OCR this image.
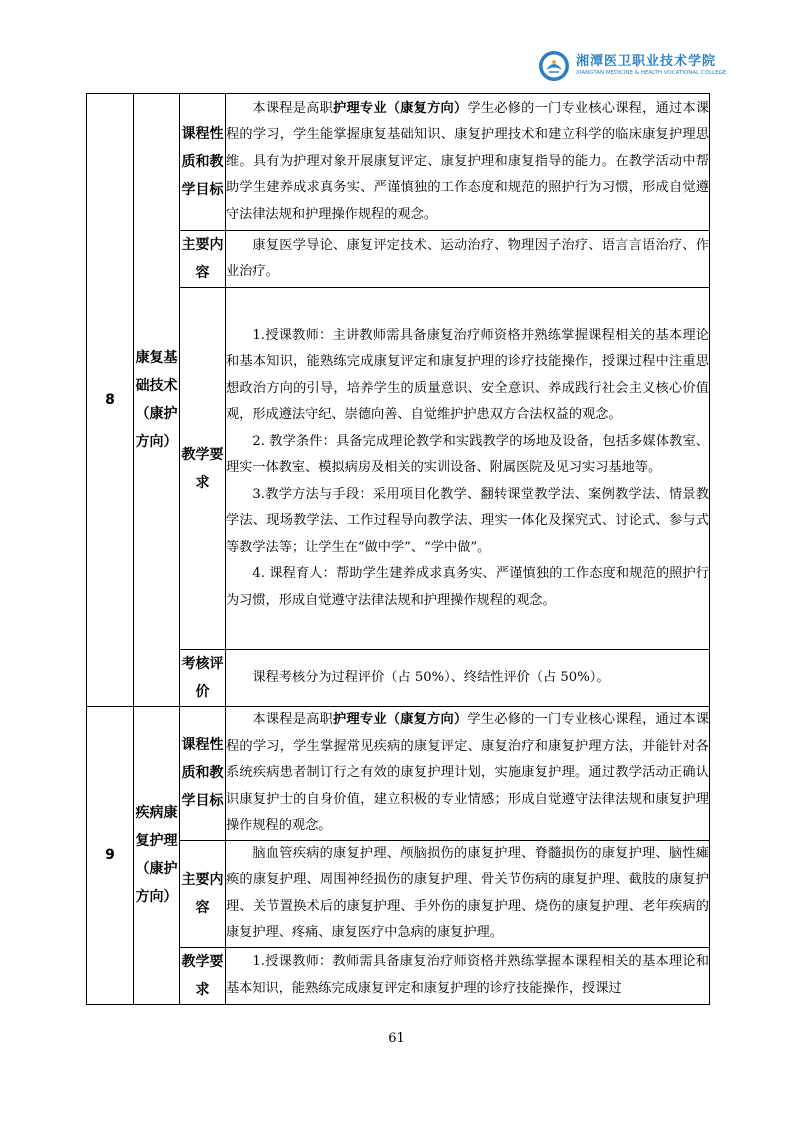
湘潭医卫职业技术学院
XIANGTAN MEDICINE & HEALTH VOCATIONAL COLLEGE
8	康复基础技术（康护方向）	课程性质和教学目标	本课程是高职护理专业（康复方向）学生必修的一门专业核心课程，通过本课程的学习，学生能掌握康复基础知识、康复护理技术和建立科学的临床康复护理思维。具有为护理对象开展康复评定、康复护理和康复指导的能力。在教学活动中帮助学生建养成求真务实、严谨慎独的工作态度和规范的照护行为习惯，形成自觉遵守法律法规和护理操作规程的观念。

		主要内容	康复医学导论、康复评定技术、运动治疗、物理因子治疗、语言言语治疗、作业治疗。

		教学要求	1.授课教师：主讲教师需具备康复治疗师资格并熟练掌握课程相关的基本理论和基本知识，能熟练完成康复评定和康复护理的诊疗技能操作，授课过程中注重思想政治方向的引导，培养学生的质量意识、安全意识、养成践行社会主义核心价值观，形成遵法守纪、崇德向善、自觉维护护患双方合法权益的观念。

2. 教学条件：具备完成理论教学和实践教学的场地及设备，包括多媒体教室、理实一体教室、模拟病房及相关的实训设备、附属医院及见习实习基地等。

3.教学方法与手段：采用项目化教学、翻转课堂教学法、案例教学法、情景教学法、现场教学法、工作过程导向教学法、理实一体化及探究式、讨论式、参与式等教学法等；让学生在“做中学”、“学中做”。

4. 课程育人：帮助学生建养成求真务实、严谨慎独的工作态度和规范的照护行为习惯，形成自觉遵守法律法规和护理操作规程的观念。

		考核评价	课程考核分为过程评价（占 50%）、终结性评价（占 50%）。

9	疾病康复护理（康护方向）	课程性质和教学目标	本课程是高职护理专业（康复方向）学生必修的一门专业核心课程，通过本课程的学习，学生掌握常见疾病的康复评定、康复治疗和康复护理方法，并能针对各系统疾病患者制订行之有效的康复护理计划，实施康复护理。通过教学活动正确认识康复护士的自身价值，建立积极的专业情感；形成自觉遵守法律法规和康复护理操作规程的观念。

		主要内容	脑血管疾病的康复护理、颅脑损伤的康复护理、脊髓损伤的康复护理、脑性瘫痪的康复护理、周围神经损伤的康复护理、骨关节伤病的康复护理、截肢的康复护理、关节置换术后的康复护理、手外伤的康复护理、烧伤的康复护理、老年疾病的康复护理、疼痛、康复医疗中急病的康复护理。

		教学要求	1.授课教师：教师需具备康复治疗师资格并熟练掌握本课程相关的基本理论和基本知识，能熟练完成康复评定和康复护理的诊疗技能操作，授课过

61
